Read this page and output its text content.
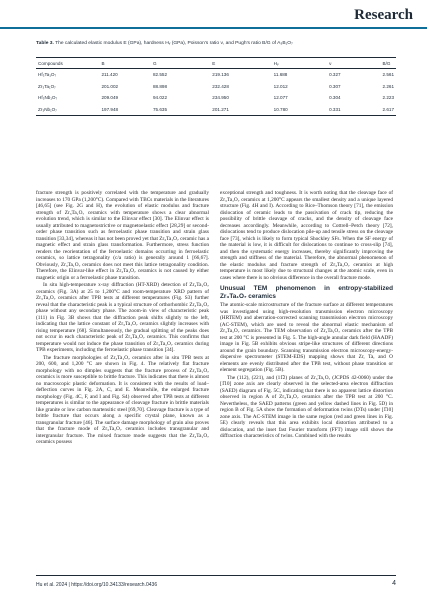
Research
Table 3. The calculated elastic modulus E (GPa), hardness Hᵥ (GPa), Poisson's ratio ν, and Pugh's ratio B/G of A₃B₁O₇
Compounds	B	G	E	Hᵥ	ν	B/G
Hf₃Ta₁O₇	211.420	82.552	219.136	11.688	0.327	2.561
Zr₃Ta₁O₇	201.002	88.898	232.428	12.012	0.307	2.261
Hf₃Nb₁O₇	209.049	94.022	234.950	12.077	0.304	2.223
Zr₃Nb₁O₇	197.948	75.635	201.271	10.780	0.331	2.617

fracture strength is positively correlated with the temperature and gradually increases to 170 GPa (1,200°C). Compared with TBCs materials in the literatures [46,65] (see Fig. 2G and H), the evolution of elastic modulus and fracture strength of Zr₃Ta₁O₇ ceramics with temperature shows a clear abnormal evolution trend, which is similar to the Elinvar effect [30]. The Elinvar effect is usually attributed to magnetostrictive or magnetoelastic effect [28,29] or second-order phase transition such as ferroelastic phase transition and strain glass transition [33,34], whereas it has not been proved yet that Zr₃Ta₁O₇ ceramic has a magnetic effect and strain glass transformation. Furthermore, stress function renders the reorientation of the ferroelastic domains occurring in ferroelastic ceramics, so lattice tetragonality (c/a ratio) is generally around 1 [66,67]. Obviously, Zr₃Ta₁O₇ ceramics does not meet this lattice tetragonality condition. Therefore, the Elinvar-like effect in Zr₃Ta₁O₇ ceramics is not caused by either magnetic origin or a ferroelastic phase transition.

In situ high-temperature x-ray diffraction (HT-XRD) detection of Zr₃Ta₁O₇ ceramics (Fig. 3A) at 25 to 1,200°C and room-temperature XRD pattern of Zr₃Ta₁O₇ ceramics after TPB tests at different temperatures (Fig. S3) further reveal that the characteristic peak is a typical structure of orthorhombic Zr₃Ta₁O₇ phase without any secondary phase. The zoom-in view of characteristic peak (111) in Fig. 3B shows that the diffraction peak shifts slightly to the left, indicating that the lattice constant of Zr₃Ta₁O₇ ceramics slightly increases with rising temperature [68]. Simultaneously, the gradual splitting of the peaks does not occur in each characteristic peak of Zr₃Ta₁O₇ ceramics. This confirms that temperature would not induce the phase transition of Zr₃Ta₁O₇ ceramics during TPB experiments, including the ferroelastic phase transition [34].

The fracture morphologies of Zr₃Ta₁O₇ ceramics after in situ TPB tests at 200, 600, and 1,200 °C are shown in Fig. 4. The relatively flat fracture morphology with no dimples suggests that the fracture process of Zr₃Ta₁O₇ ceramics is more susceptible to brittle fracture. This indicates that there is almost no macroscopic plastic deformation. It is consistent with the results of load–deflection curves in Fig. 2A, C, and E. Meanwhile, the enlarged fracture morphology (Fig. 4C, F, and I and Fig. S4) observed after TPB tests at different temperatures is similar to the appearance of cleavage fracture in brittle materials like granite or low carbon martensitic steel [69,70]. Cleavage fracture is a type of brittle fracture that occurs along a specific crystal plane, known as a transgranular fracture [46]. The surface damage morphology of grain also proves that the fracture mode of Zr₃Ta₁O₇ ceramics includes transgranular and intergranular fracture. The mixed fracture mode suggests that the Zr₃Ta₁O₇ ceramics possess

exceptional strength and toughness. It is worth noting that the cleavage face of Zr₃Ta₁O₇ ceramics at 1,200°C appears the smallest density and a unique layered structure (Fig. 4H and I). According to Rice–Thomson theory [71], the emission dislocation of ceramic leads to the passivation of crack tip, reducing the possibility of brittle cleavage of cracks, and the density of cleavage face decreases accordingly. Meanwhile, according to Cottrell–Petch theory [72], dislocations tend to produce dislocation pile-up and tensile stress on the cleavage face [73], which is likely to form typical Shockley SFs. When the SF energy of the material is low, it is difficult for dislocations to continue to cross-slip [74], and then the systematic energy increases, thereby significantly improving the strength and stiffness of the material. Therefore, the abnormal phenomenon of the elastic modulus and fracture strength of Zr₃Ta₁O₇ ceramics at high temperature is most likely due to structural changes at the atomic scale, even in cases where there is no obvious difference in the overall fracture mode.

Unusual TEM phenomenon in entropy-stabilized Zr₃Ta₁O₇ ceramics

The atomic-scale microstructure of the fracture surface at different temperatures was investigated using high-resolution transmission electron microscopy (HRTEM) and aberration-corrected scanning transmission electron microscopy (AC-STEM), which are used to reveal the abnormal elastic mechanism of Zr₃Ta₁O₇ ceramics. The TEM observation of Zr₃Ta₁O₇ ceramics after the TPB test at 200 °C is presented in Fig. 5. The high-angle annular dark field (HAADF) image in Fig. 5B exhibits obvious stripe-like structures of different directions around the grain boundary. Scanning transmission electron microscopy-energy-dispersive spectrometer (STEM-EDS) mapping shows that Zr, Ta, and O elements are evenly distributed after the TPB test, without phase transition or element segregation (Fig. 5B).

The (112), (221), and (11̅2) planes of Zr₃Ta₁O₇ (JCPDS 42-0060) under the [1̅10] zone axis are clearly observed in the selected-area electron diffraction (SAED) diagram of Fig. 5C, indicating that there is no apparent lattice distortion observed in region A of Zr₃Ta₁O₇ ceramics after the TPB test at 200 °C. Nevertheless, the SAED patterns (green and yellow dashed lines in Fig. 5D) in region B of Fig. 5A show the formation of deformation twins (DTs) under [1̅10] zone axis. The AC-STEM image in the same region (red and green lines in Fig. 5E) clearly reveals that this area exhibits local distortion attributed to a dislocation, and the inset fast Fourier transform (FFT) image still shows the diffraction characteristics of twins. Combined with the results

Hu et al. 2024 | https://doi.org/10.34133/research.0436	4
